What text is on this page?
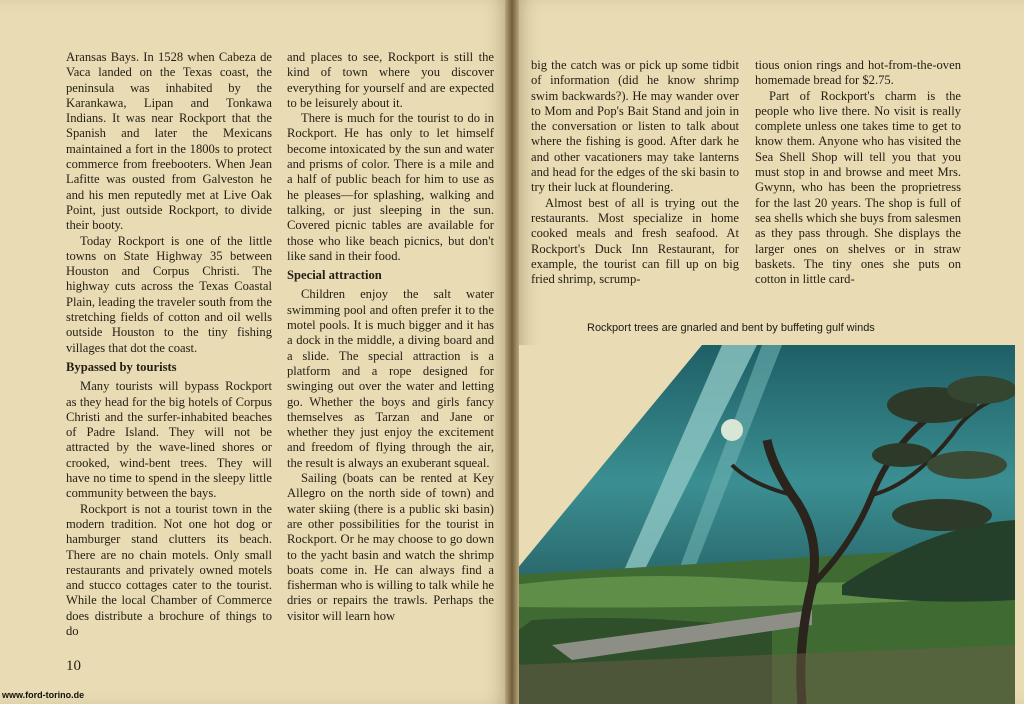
Aransas Bays. In 1528 when Cabeza de Vaca landed on the Texas coast, the peninsula was inhabited by the Karankawa, Lipan and Tonkawa Indians. It was near Rockport that the Spanish and later the Mexicans maintained a fort in the 1800s to protect commerce from freebooters. When Jean Lafitte was ousted from Galveston he and his men reputedly met at Live Oak Point, just outside Rockport, to divide their booty.

Today Rockport is one of the little towns on State Highway 35 between Houston and Corpus Christi. The highway cuts across the Texas Coastal Plain, leading the traveler south from the stretching fields of cotton and oil wells outside Houston to the tiny fishing villages that dot the coast.

Bypassed by tourists

Many tourists will bypass Rockport as they head for the big hotels of Corpus Christi and the surfer-inhabited beaches of Padre Island. They will not be attracted by the wave-lined shores or crooked, wind-bent trees. They will have no time to spend in the sleepy little community between the bays.

Rockport is not a tourist town in the modern tradition. Not one hot dog or hamburger stand clutters its beach. There are no chain motels. Only small restaurants and privately owned motels and stucco cottages cater to the tourist. While the local Chamber of Commerce does distribute a brochure of things to do

and places to see, Rockport is still the kind of town where you discover everything for yourself and are expected to be leisurely about it.

There is much for the tourist to do in Rockport. He has only to let himself become intoxicated by the sun and water and prisms of color. There is a mile and a half of public beach for him to use as he pleases—for splashing, walking and talking, or just sleeping in the sun. Covered picnic tables are available for those who like beach picnics, but don't like sand in their food.

Special attraction

Children enjoy the salt water swimming pool and often prefer it to the motel pools. It is much bigger and it has a dock in the middle, a diving board and a slide. The special attraction is a platform and a rope designed for swinging out over the water and letting go. Whether the boys and girls fancy themselves as Tarzan and Jane or whether they just enjoy the excitement and freedom of flying through the air, the result is always an exuberant squeal.

Sailing (boats can be rented at Key Allegro on the north side of town) and water skiing (there is a public ski basin) are other possibilities for the tourist in Rockport. Or he may choose to go down to the yacht basin and watch the shrimp boats come in. He can always find a fisherman who is willing to talk while he dries or repairs the trawls. Perhaps the visitor will learn how

10

big the catch was or pick up some tidbit of information (did he know shrimp swim backwards?). He may wander over to Mom and Pop's Bait Stand and join in the conversation or listen to talk about where the fishing is good. After dark he and other vacationers may take lanterns and head for the edges of the ski basin to try their luck at floundering.

Almost best of all is trying out the restaurants. Most specialize in home cooked meals and fresh seafood. At Rockport's Duck Inn Restaurant, for example, the tourist can fill up on big fried shrimp, scrump-

tious onion rings and hot-from-the-oven homemade bread for $2.75.

Part of Rockport's charm is the people who live there. No visit is really complete unless one takes time to get to know them. Anyone who has visited the Sea Shell Shop will tell you that you must stop in and browse and meet Mrs. Gwynn, who has been the proprietress for the last 20 years. The shop is full of sea shells which she buys from salesmen as they pass through. She displays the larger ones on shelves or in straw baskets. The tiny ones she puts on cotton in little card-

Rockport trees are gnarled and bent by buffeting gulf winds
www.ford-torino.de
